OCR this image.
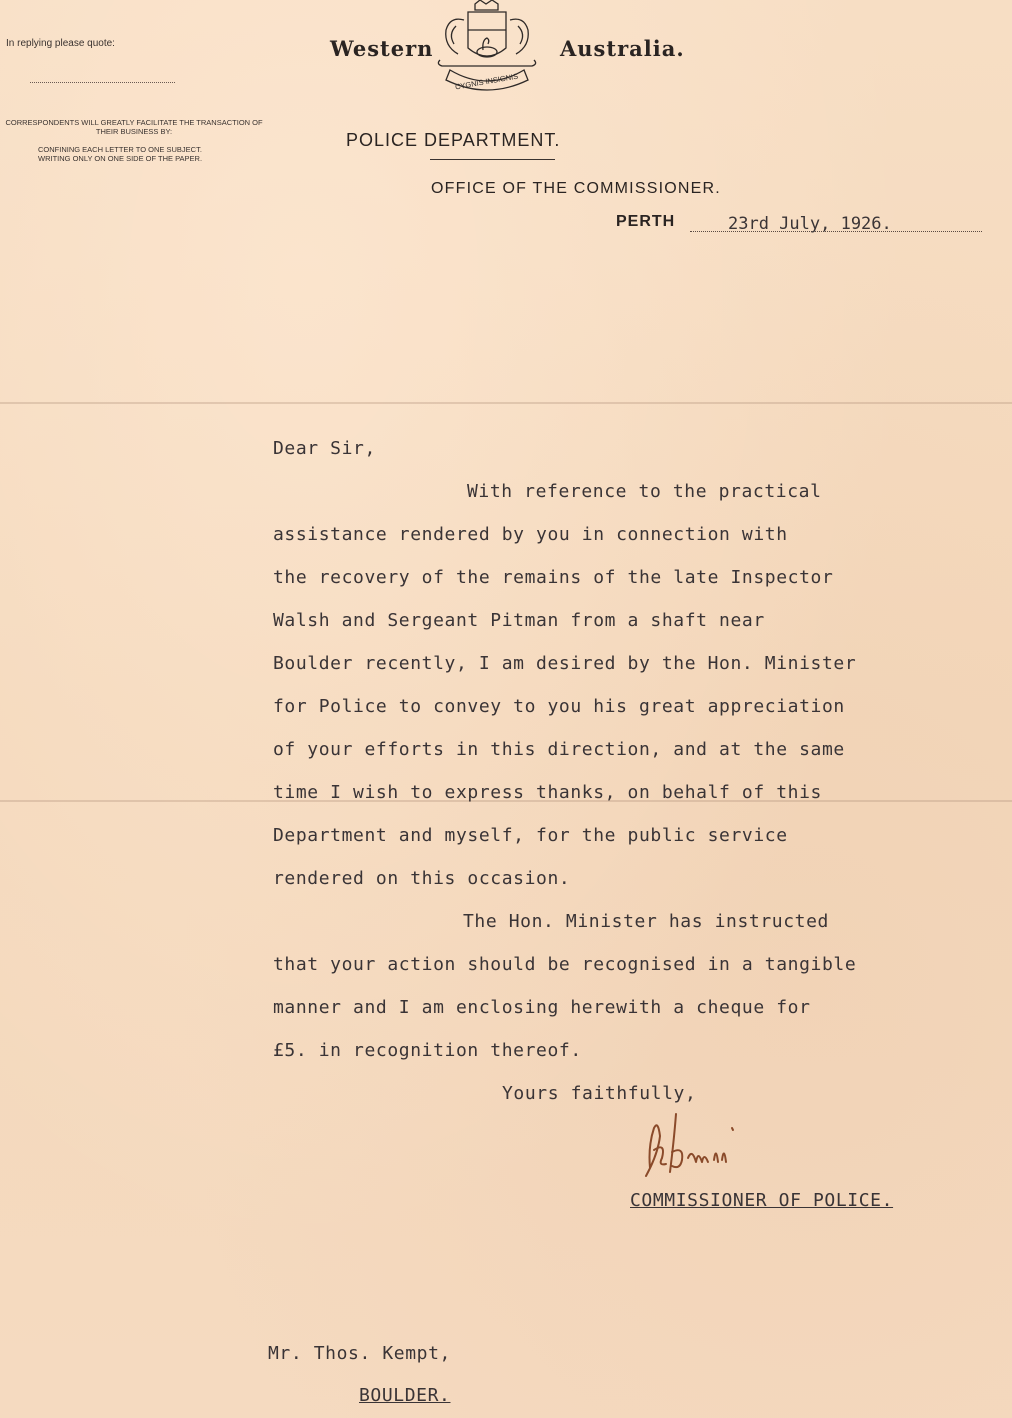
In replying please quote:
CORRESPONDENTS WILL GREATLY FACILITATE THE TRANSACTION OF THEIR BUSINESS BY:
CONFINING EACH LETTER TO ONE SUBJECT.
WRITING ONLY ON ONE SIDE OF THE PAPER.
Western	Australia.
CYGNIS INSIGNIS
POLICE DEPARTMENT.
OFFICE OF THE COMMISSIONER.
PERTH	23rd July, 1926.
Dear Sir,
With reference to the practical
assistance rendered by you in connection with
the recovery of the remains of the late Inspector
Walsh and Sergeant Pitman from a shaft near
Boulder recently, I am desired by the Hon. Minister
for Police to convey to you his great appreciation
of your efforts in this direction, and at the same
time I wish to express thanks, on behalf of this
Department and myself, for the public service
rendered on this occasion.
The Hon. Minister has instructed
that your action should be recognised in a tangible
manner and I am enclosing herewith a cheque for
£5. in recognition thereof.
Yours faithfully,
COMMISSIONER OF POLICE.
Mr. Thos. Kempt,
BOULDER.
